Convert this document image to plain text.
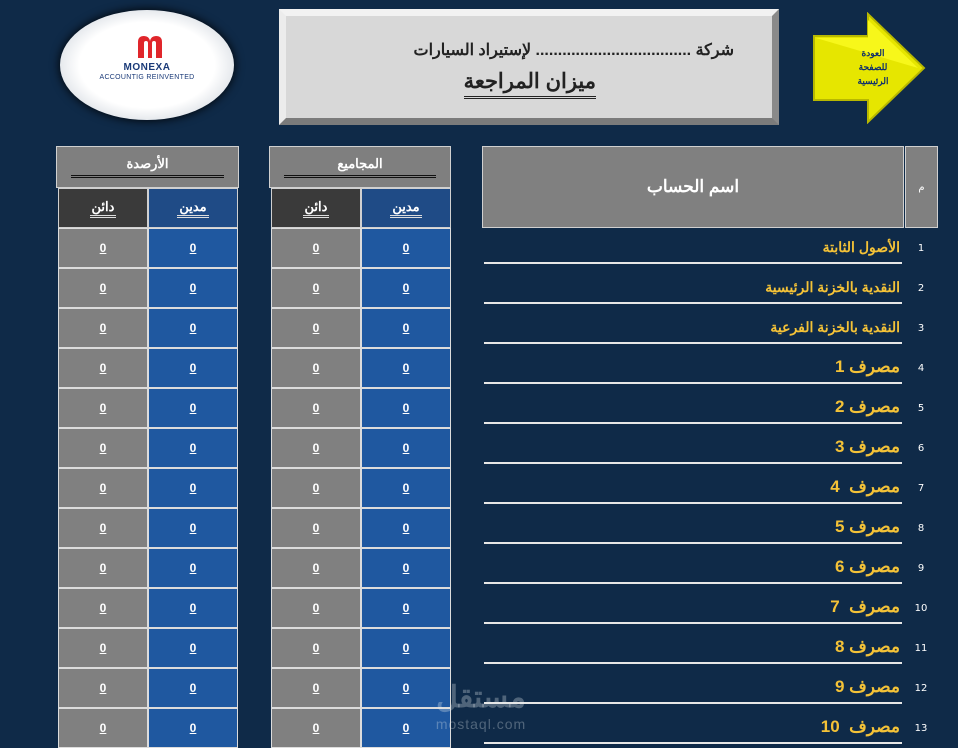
MONEXA
ACCOUNTIG REINVENTED
شركة ................................... لإستيراد السيارات
ميزان المراجعة
العودة
للصفحة
الرئيسية
م
اسم الحساب
المجاميع
الأرصدة
مدين
دائن
مدين
دائن
1
الأصول الثابتة
0
0
0
0
2
النقدية بالخزنة الرئيسية
0
0
0
0
3
النقدية بالخزنة الفرعية
0
0
0
0
4
مصرف 1
0
0
0
0
5
مصرف 2
0
0
0
0
6
مصرف 3
0
0
0
0
7
مصرف  4
0
0
0
0
8
مصرف 5
0
0
0
0
9
مصرف 6
0
0
0
0
10
مصرف  7
0
0
0
0
11
مصرف 8
0
0
0
0
12
مصرف 9
0
0
0
0
13
مصرف  10
0
0
0
0
مستقل
mostaql.com
